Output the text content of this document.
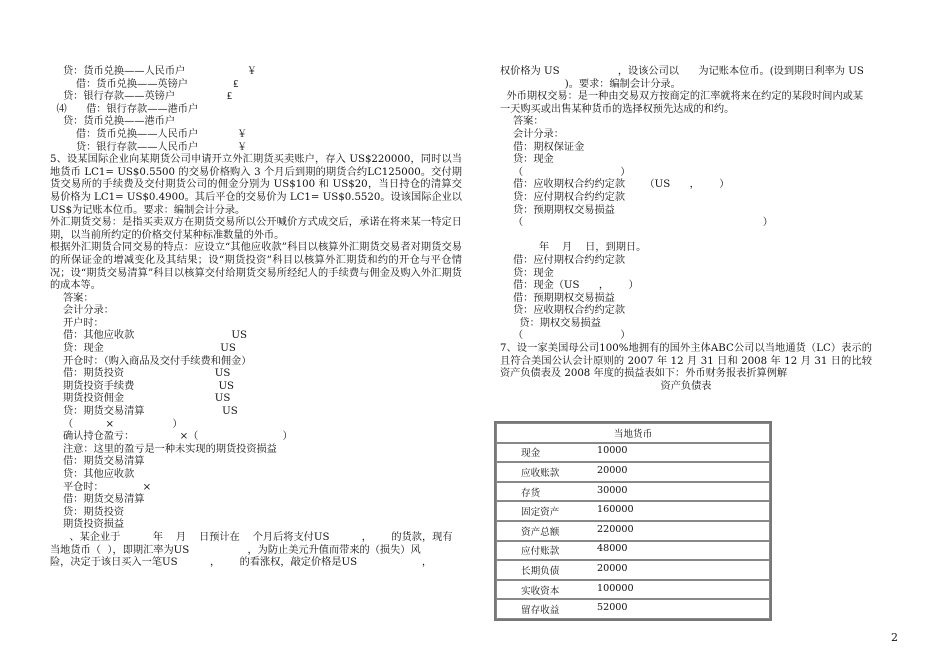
贷：货币兑换——人民币户                   ￥
借：货币兑换——英镑户              ₤
贷：银行存款——英镑户                ₤
⑷      借：银行存款——港币户
贷：货币兑换——港币户
借：货币兑换——人民币户            ￥
贷：银行存款——人民币户            ￥
5、设某国际企业向某期货公司申请开立外汇期货买卖账户，存入 US$220000，同时以当地货币 LC1= US$0.5500 的交易价格购入 3 个月后到期的期货合约LC125000。交付期货交易所的手续费及交付期货公司的佣金分别为 US$100 和 US$20，当日持仓的清算交易价格为 LC1= US$0.4900。其后平仓的交易价为 LC1= US$0.5520。设该国际企业以 US$为记账本位币。要求：编制会计分录。
外汇期货交易：是指买卖双方在期货交易所以公开喊价方式成交后，承诺在将来某一特定日期，以当前所约定的价格交付某种标准数量的外币。
根据外汇期货合同交易的特点：应设立“其他应收款”科目以核算外汇期货交易者对期货交易的所保证金的增减变化及其结果；设“期货投资”科目以核算外汇期货和约的开仓与平仓情况；设“期货交易清算”科目以核算交付给期货交易所经纪人的手续费与佣金及购入外汇期货的成本等。
答案：
会计分录：
开户时：
借：其他应收款                              US
贷：现金                                    US
开仓时：（购入商品及交付手续费和佣金）
借：期货投资                            US
期货投资手续费                          US
期货投资佣金                            US
贷：期货交易清算                        US
（          ×                  ）
确认持仓盈亏：              ×（                          ）
注意：这里的盈亏是一种未实现的期货投资损益
借：期货交易清算
贷：其他应收款
平仓时：            ×
借：期货交易清算
贷：期货投资
期货投资损益
、某企业于          年    月    日预计在    个月后将支付US          ，      的货款，现有
当地货币（  ），即期汇率为US                  ，为防止美元升值而带来的（损失）风
险，决定于该日买入一笔US          ，      的看涨权，敲定价格是US                    ，
权价格为 US                  ，设该公司以      为记账本位币。(设到期日利率为 US
)。要求：编制会计分录。
外币期权交易：是一种由交易双方按商定的汇率就将来在约定的某段时间内或某
一天购买或出售某种货币的选择权预先达成的和约。
答案：
会计分录：
借：期权保证金
贷：现金
（                              ）
借：应收期权合约约定款      （US      ，      ）
贷：应付期权合约约定款
贷：预期期权交易损益
（                                                                          ）
年    月    日，到期日。
借：应付期权合约约定款
贷：现金
借：现金（US      ，      ）
借：预期期权交易损益
贷：应收期权合约约定款
贷：期权交易损益
（                              ）
7、设一家美国母公司100%地拥有的国外主体ABC公司以当地通货（LC）表示的且符合美国公认会计原则的 2007 年 12 月 31 日和 2008 年 12 月 31 日的比较资产负债表及 2008 年度的损益表如下：外币财务报表折算例解
资产负债表
当地货币

现金	10000

应收账款	20000

存货	30000

固定资产	160000

资产总额	220000

应付账款	48000

长期负债	20000

实收资本	100000

留存收益	52000
2
